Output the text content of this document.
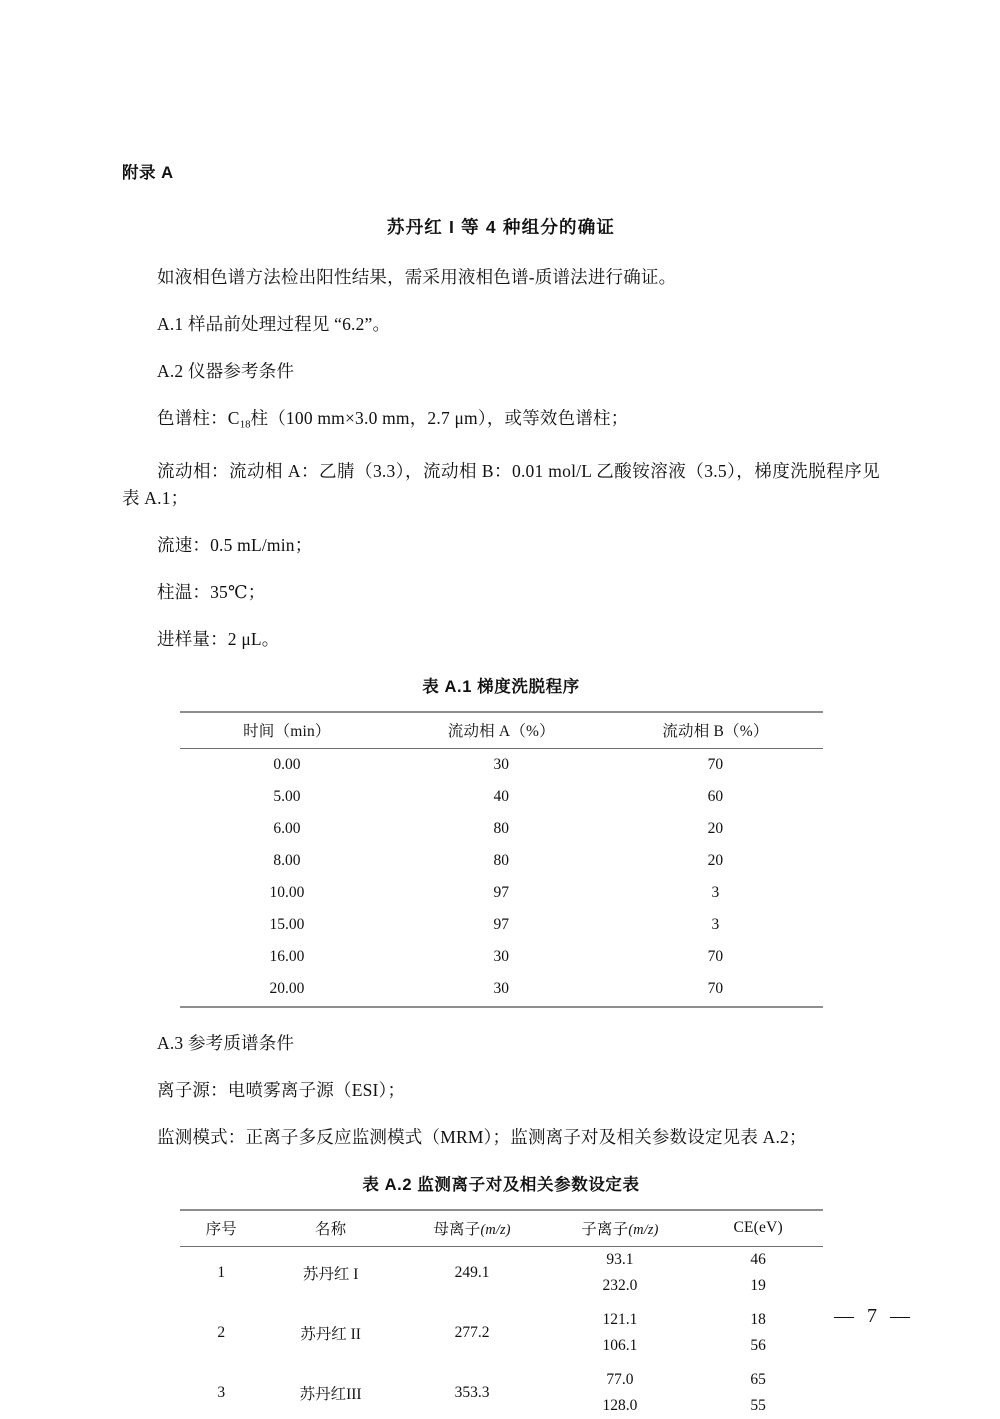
附录 A
苏丹红 I 等 4 种组分的确证

如液相色谱方法检出阳性结果，需采用液相色谱-质谱法进行确证。

A.1 样品前处理过程见 “6.2”。

A.2 仪器参考条件

色谱柱：$C_{18}$柱（100 mm×3.0 mm，2.7 μm），或等效色谱柱；

流动相：流动相 A：乙腈（3.3），流动相 B：0.01 mol/L 乙酸铵溶液（3.5），梯度洗脱程序见表 A.1；

流速：0.5 mL/min；

柱温：35℃；

进样量：2 μL。

表 A.1 梯度洗脱程序
时间（min）	流动相 A（%）	流动相 B（%）
0.00	30	70
5.00	40	60
6.00	80	20
8.00	80	20
10.00	97	3
15.00	97	3
16.00	30	70
20.00	30	70

A.3 参考质谱条件

离子源：电喷雾离子源（ESI）；

监测模式：正离子多反应监测模式（MRM）；监测离子对及相关参数设定见表 A.2；

表 A.2 监测离子对及相关参数设定表
序号	名称	母离子(m/z)	子离子(m/z)	CE(eV)
1	苏丹红 I	249.1	93.1	46
			232.0	19

2	苏丹红 II	277.2	121.1	18
			106.1	56

3	苏丹红III	353.3	77.0	65
			128.0	55
— 7 —
